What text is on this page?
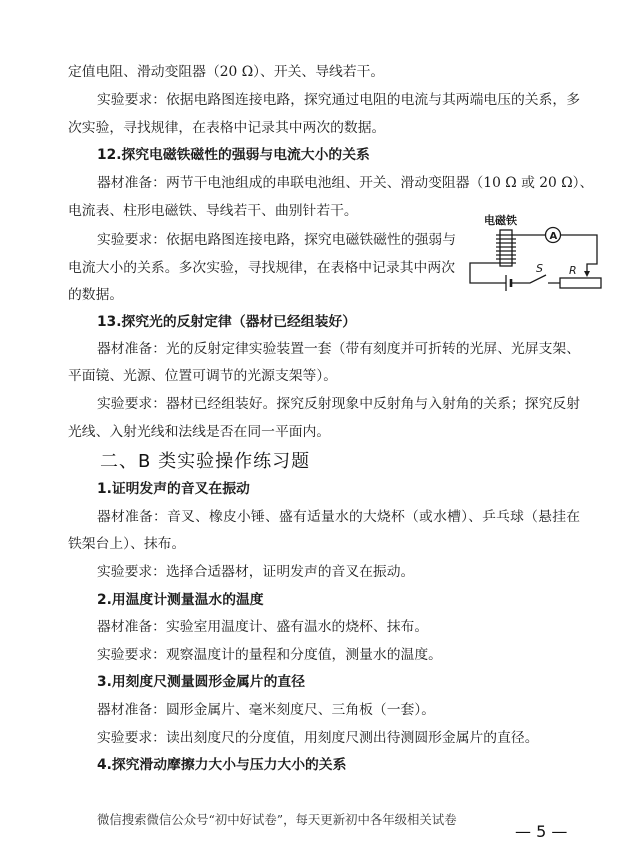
定值电阻、滑动变阻器（20 Ω）、开关、导线若干。
实验要求：依据电路图连接电路，探究通过电阻的电流与其两端电压的关系，多
次实验，寻找规律，在表格中记录其中两次的数据。
12.探究电磁铁磁性的强弱与电流大小的关系
器材准备：两节干电池组成的串联电池组、开关、滑动变阻器（10 Ω 或 20 Ω）、
电流表、柱形电磁铁、导线若干、曲别针若干。
实验要求：依据电路图连接电路，探究电磁铁磁性的强弱与
电流大小的关系。多次实验，寻找规律，在表格中记录其中两次
的数据。
电磁铁
A
R
S
13.探究光的反射定律（器材已经组装好）
器材准备：光的反射定律实验装置一套（带有刻度并可折转的光屏、光屏支架、
平面镜、光源、位置可调节的光源支架等）。
实验要求：器材已经组装好。探究反射现象中反射角与入射角的关系；探究反射
光线、入射光线和法线是否在同一平面内。
二、B 类实验操作练习题
1.证明发声的音叉在振动
器材准备：音叉、橡皮小锤、盛有适量水的大烧杯（或水槽）、乒乓球（悬挂在
铁架台上）、抹布。
实验要求：选择合适器材，证明发声的音叉在振动。
2.用温度计测量温水的温度
器材准备：实验室用温度计、盛有温水的烧杯、抹布。
实验要求：观察温度计的量程和分度值，测量水的温度。
3.用刻度尺测量圆形金属片的直径
器材准备：圆形金属片、毫米刻度尺、三角板（一套）。
实验要求：读出刻度尺的分度值，用刻度尺测出待测圆形金属片的直径。
4.探究滑动摩擦力大小与压力大小的关系
微信搜索微信公众号“初中好试卷”，每天更新初中各年级相关试卷
— 5 —
